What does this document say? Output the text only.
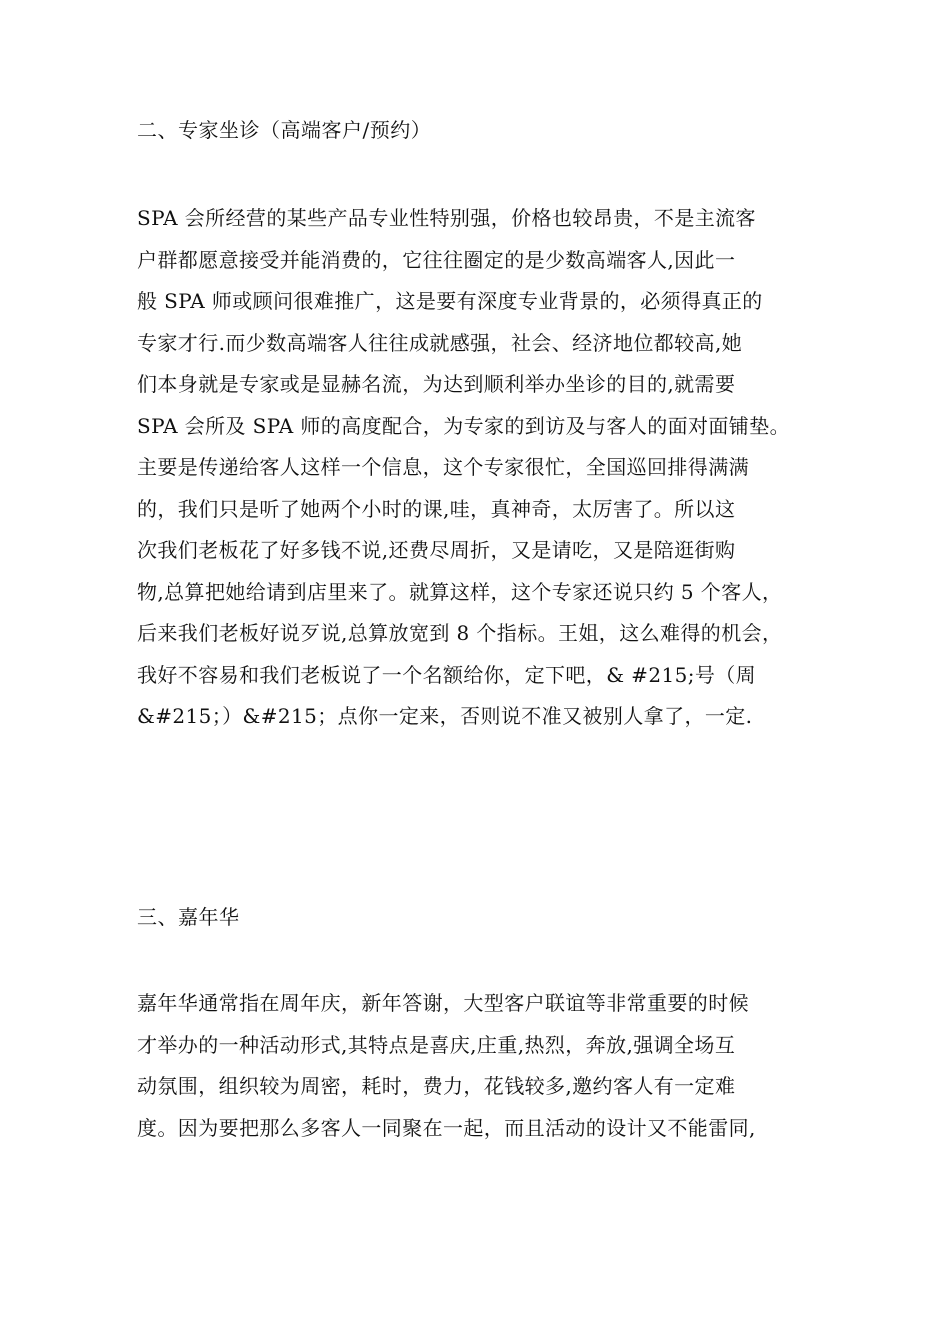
二、专家坐诊（高端客户/预约）
SPA 会所经营的某些产品专业性特别强，价格也较昂贵，不是主流客
户群都愿意接受并能消费的，它往往圈定的是少数高端客人,因此一
般 SPA 师或顾问很难推广，这是要有深度专业背景的，必须得真正的
专家才行.而少数高端客人往往成就感强，社会、经济地位都较高,她
们本身就是专家或是显赫名流，为达到顺利举办坐诊的目的,就需要
SPA 会所及 SPA 师的高度配合，为专家的到访及与客人的面对面铺垫。
主要是传递给客人这样一个信息，这个专家很忙，全国巡回排得满满
的，我们只是听了她两个小时的课,哇，真神奇，太厉害了。所以这
次我们老板花了好多钱不说,还费尽周折，又是请吃，又是陪逛街购
物,总算把她给请到店里来了。就算这样，这个专家还说只约 5 个客人，
后来我们老板好说歹说,总算放宽到 8 个指标。王姐，这么难得的机会，
我好不容易和我们老板说了一个名额给你，定下吧，& #215;号（周
&#215；）&#215；点你一定来，否则说不准又被别人拿了，一定.
三、嘉年华
嘉年华通常指在周年庆，新年答谢，大型客户联谊等非常重要的时候
才举办的一种活动形式,其特点是喜庆,庄重,热烈，奔放,强调全场互
动氛围，组织较为周密，耗时，费力，花钱较多,邀约客人有一定难
度。因为要把那么多客人一同聚在一起，而且活动的设计又不能雷同,
